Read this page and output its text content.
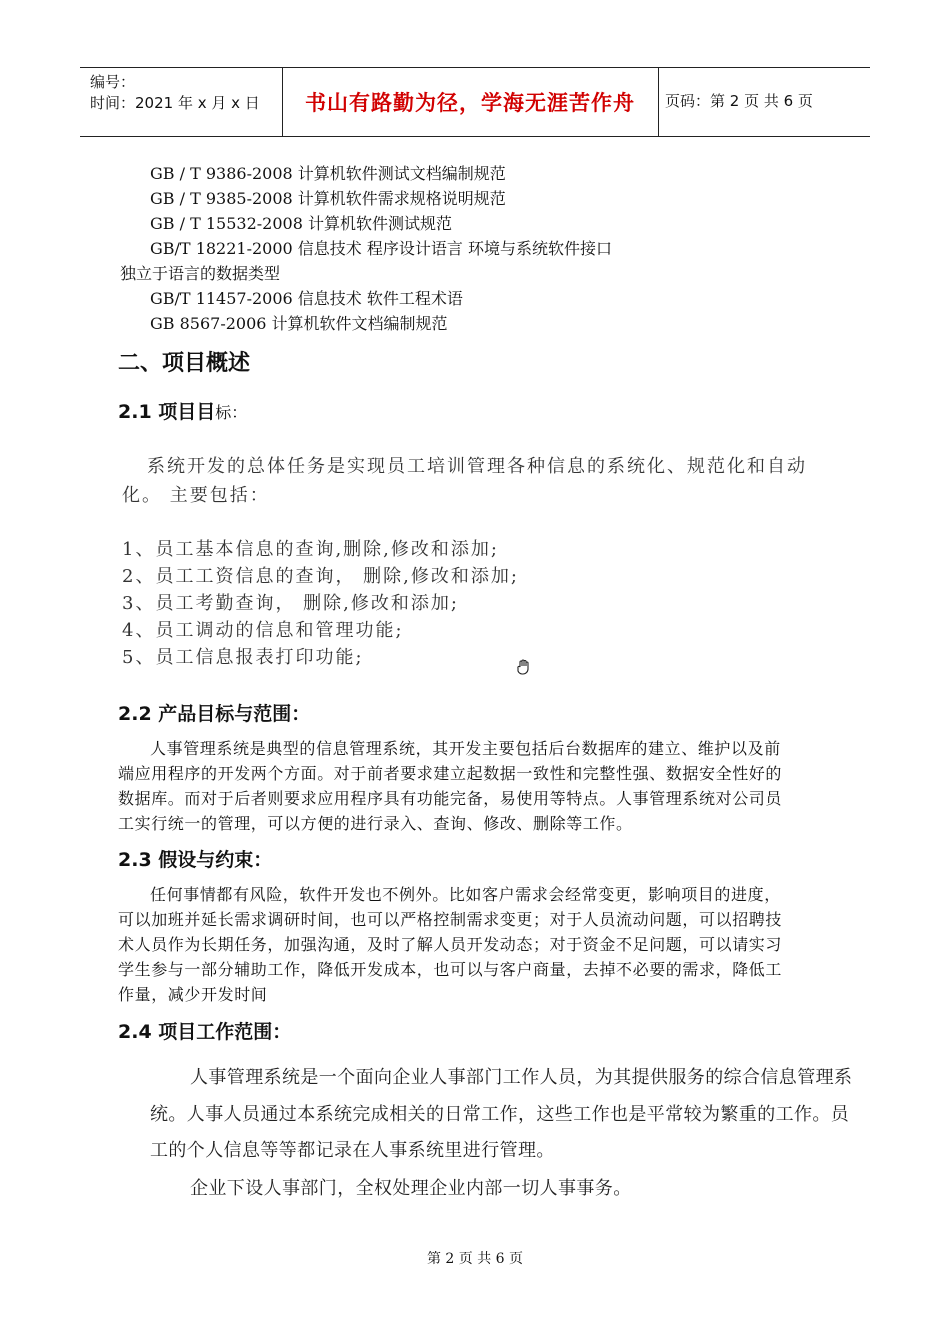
编号：
时间：2021 年 x 月 x 日	书山有路勤为径，学海无涯苦作舟	页码：第 2 页 共 6 页
GB / T 9386-2008 计算机软件测试文档编制规范
GB / T 9385-2008 计算机软件需求规格说明规范
GB / T 15532-2008 计算机软件测试规范
GB/T 18221-2000 信息技术 程序设计语言 环境与系统软件接口
独立于语言的数据类型
GB/T 11457-2006 信息技术 软件工程术语
GB 8567-2006 计算机软件文档编制规范
二、项目概述
2.1 项目目标：
系统开发的总体任务是实现员工培训管理各种信息的系统化、规范化和自动
化。 主要包括：
1、员工基本信息的查询,删除,修改和添加;
2、员工工资信息的查询， 删除,修改和添加;
3、员工考勤查询， 删除,修改和添加;
4、员工调动的信息和管理功能;
5、员工信息报表打印功能;
2.2 产品目标与范围：
人事管理系统是典型的信息管理系统，其开发主要包括后台数据库的建立、维护以及前
端应用程序的开发两个方面。对于前者要求建立起数据一致性和完整性强、数据安全性好的
数据库。而对于后者则要求应用程序具有功能完备，易使用等特点。人事管理系统对公司员
工实行统一的管理，可以方便的进行录入、查询、修改、删除等工作。
2.3 假设与约束：
任何事情都有风险，软件开发也不例外。比如客户需求会经常变更，影响项目的进度，
可以加班并延长需求调研时间，也可以严格控制需求变更；对于人员流动问题，可以招聘技
术人员作为长期任务，加强沟通，及时了解人员开发动态；对于资金不足问题，可以请实习
学生参与一部分辅助工作，降低开发成本，也可以与客户商量，去掉不必要的需求，降低工
作量，减少开发时间
2.4 项目工作范围：
人事管理系统是一个面向企业人事部门工作人员，为其提供服务的综合信息管理系
统。人事人员通过本系统完成相关的日常工作，这些工作也是平常较为繁重的工作。员
工的个人信息等等都记录在人事系统里进行管理。
企业下设人事部门，全权处理企业内部一切人事事务。
第 2 页 共 6 页
